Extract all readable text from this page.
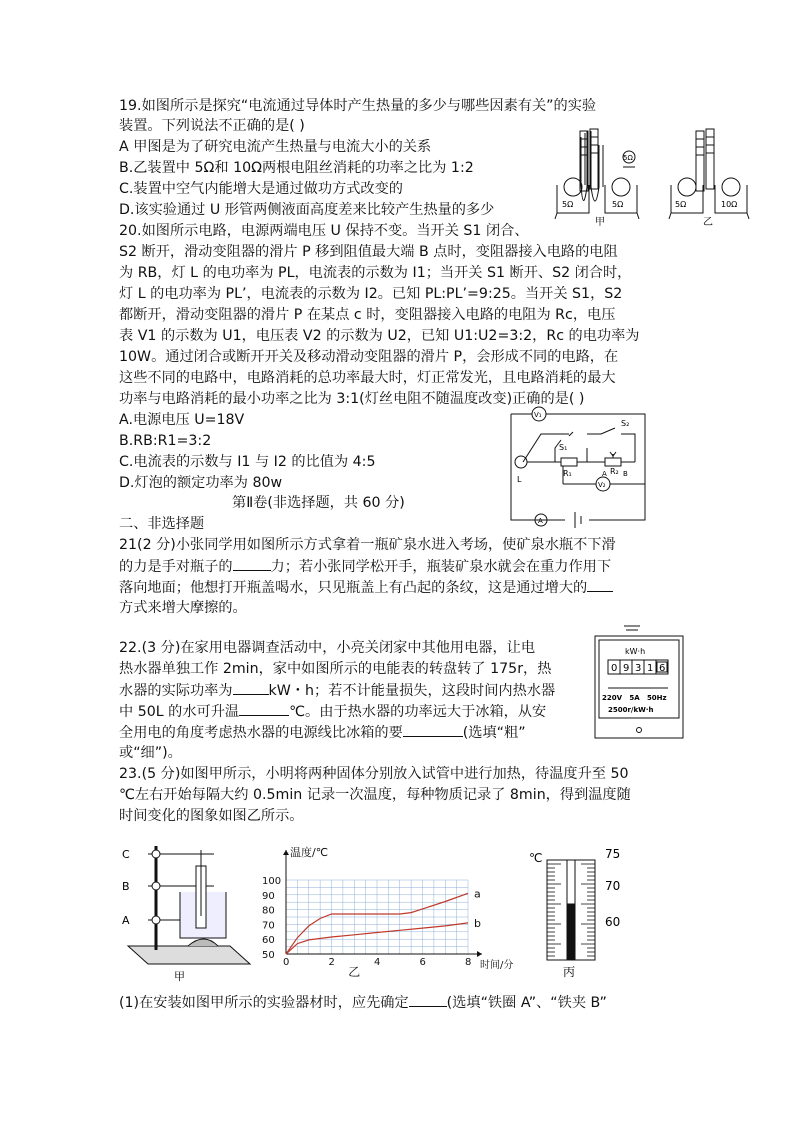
19.如图所示是探究“电流通过导体时产生热量的多少与哪些因素有关”的实验
装置。下列说法不正确的是( )
A 甲图是为了研究电流产生热量与电流大小的关系
B.乙装置中 5Ω和 10Ω两根电阻丝消耗的功率之比为 1:2
C.装置中空气内能增大是通过做功方式改变的
D.该实验通过 U 形管两侧液面高度差来比较产生热量的多少	5Ω	5Ω
5Ω
5Ω	10Ω
甲	乙
20.如图所示电路，电源两端电压 U 保持不变。当开关 S1 闭合、
S2 断开，滑动变阻器的滑片 P 移到阻值最大端 B 点时，变阻器接入电路的电阻
为 RB，灯 L 的电功率为 PL，电流表的示数为 I1；当开关 S1 断开、S2 闭合时，
灯 L 的电功率为 PL’，电流表的示数为 I2。已知 PL:PL’=9:25。当开关 S1，S2
都断开，滑动变阻器的滑片 P 在某点 c 时，变阻器接入电路的电阻为 Rc，电压
表 V1 的示数为 U1，电压表 V2 的示数为 U2，已知 U1:U2=3:2，Rc 的电功率为
10W。通过闭合或断开开关及移动滑动变阻器的滑片 P，会形成不同的电路，在
这些不同的电路中，电路消耗的总功率最大时，灯正常发光，且电路消耗的最大
功率与电路消耗的最小功率之比为 3:1(灯丝电阻不随温度改变)正确的是( )
A.电源电压 U=18V
B.RB:R1=3:2
C.电流表的示数与 I1 与 I2 的比值为 4:5
D.灯泡的额定功率为 80w
V₁
S₂
S₁
R₁	A R₂ B
L
V₂
A
第Ⅱ卷(非选择题，共 60 分)
二、非选择题
21(2 分)小张同学用如图所示方式拿着一瓶矿泉水进入考场，使矿泉水瓶不下滑
的力是手对瓶子的	力；若小张同学松开手，瓶装矿泉水就会在重力作用下
落向地面；他想打开瓶盖喝水，只见瓶盖上有凸起的条纹，这是通过增大的
方式来增大摩擦的。
22.(3 分)在家用电器调查活动中，小亮关闭家中其他用电器，让电
热水器单独工作 2min，家中如图所示的电能表的转盘转了 175r，热
水器的实际功率为	kW・h；若不计能量损失，这段时间内热水器
中 50L 的水可升温	℃。由于热水器的功率远大于冰箱，从安
全用电的角度考虑热水器的电源线比冰箱的要	(选填“粗”
或“细”)。
kW·h
0 9 3 1 6
220V   5A   50Hz
2500r/kW·h
23.(5 分)如图甲所示，小明将两种固体分别放入试管中进行加热，待温度升至 50
℃左右开始每隔大约 0.5min 记录一次温度，每种物质记录了 8min，得到温度随
时间变化的图象如图乙所示。
C
B
A
甲
0	2	4	6	8
50
60
70
80
90
100
温度/℃
时间/分
乙
a
b
℃	75
70
60
丙
(1)在安装如图甲所示的实验器材时，应先确定	(选填“铁圈 A”、“铁夹 B”
